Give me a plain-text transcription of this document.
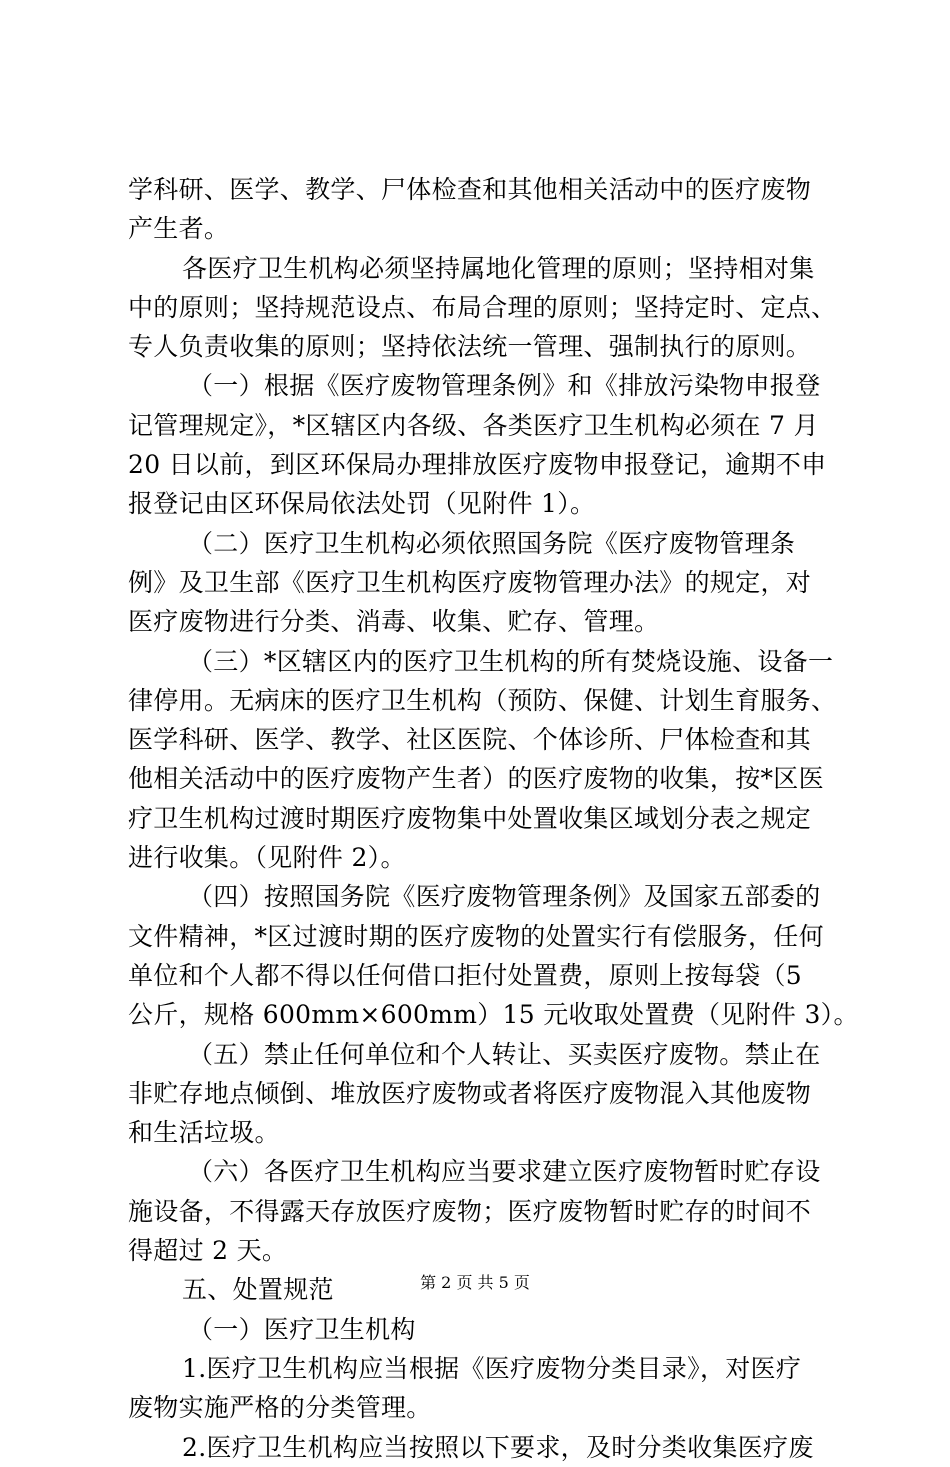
学科研、医学、教学、尸体检查和其他相关活动中的医疗废物
产生者。
各医疗卫生机构必须坚持属地化管理的原则；坚持相对集
中的原则；坚持规范设点、布局合理的原则；坚持定时、定点、
专人负责收集的原则；坚持依法统一管理、强制执行的原则。
（一）根据《医疗废物管理条例》和《排放污染物申报登
记管理规定》，*区辖区内各级、各类医疗卫生机构必须在 7 月
20 日以前，到区环保局办理排放医疗废物申报登记，逾期不申
报登记由区环保局依法处罚（见附件 1）。
（二）医疗卫生机构必须依照国务院《医疗废物管理条
例》及卫生部《医疗卫生机构医疗废物管理办法》的规定，对
医疗废物进行分类、消毒、收集、贮存、管理。
（三）*区辖区内的医疗卫生机构的所有焚烧设施、设备一
律停用。无病床的医疗卫生机构（预防、保健、计划生育服务、
医学科研、医学、教学、社区医院、个体诊所、尸体检查和其
他相关活动中的医疗废物产生者）的医疗废物的收集，按*区医
疗卫生机构过渡时期医疗废物集中处置收集区域划分表之规定
进行收集。（见附件 2）。
（四）按照国务院《医疗废物管理条例》及国家五部委的
文件精神，*区过渡时期的医疗废物的处置实行有偿服务，任何
单位和个人都不得以任何借口拒付处置费，原则上按每袋（5
公斤，规格 600mm×600mm）15 元收取处置费（见附件 3）。
（五）禁止任何单位和个人转让、买卖医疗废物。禁止在
非贮存地点倾倒、堆放医疗废物或者将医疗废物混入其他废物
和生活垃圾。
（六）各医疗卫生机构应当要求建立医疗废物暂时贮存设
施设备，不得露天存放医疗废物；医疗废物暂时贮存的时间不
得超过 2 天。
五、处置规范
（一）医疗卫生机构
1.医疗卫生机构应当根据《医疗废物分类目录》，对医疗
废物实施严格的分类管理。
2.医疗卫生机构应当按照以下要求，及时分类收集医疗废
第 2 页 共 5 页
